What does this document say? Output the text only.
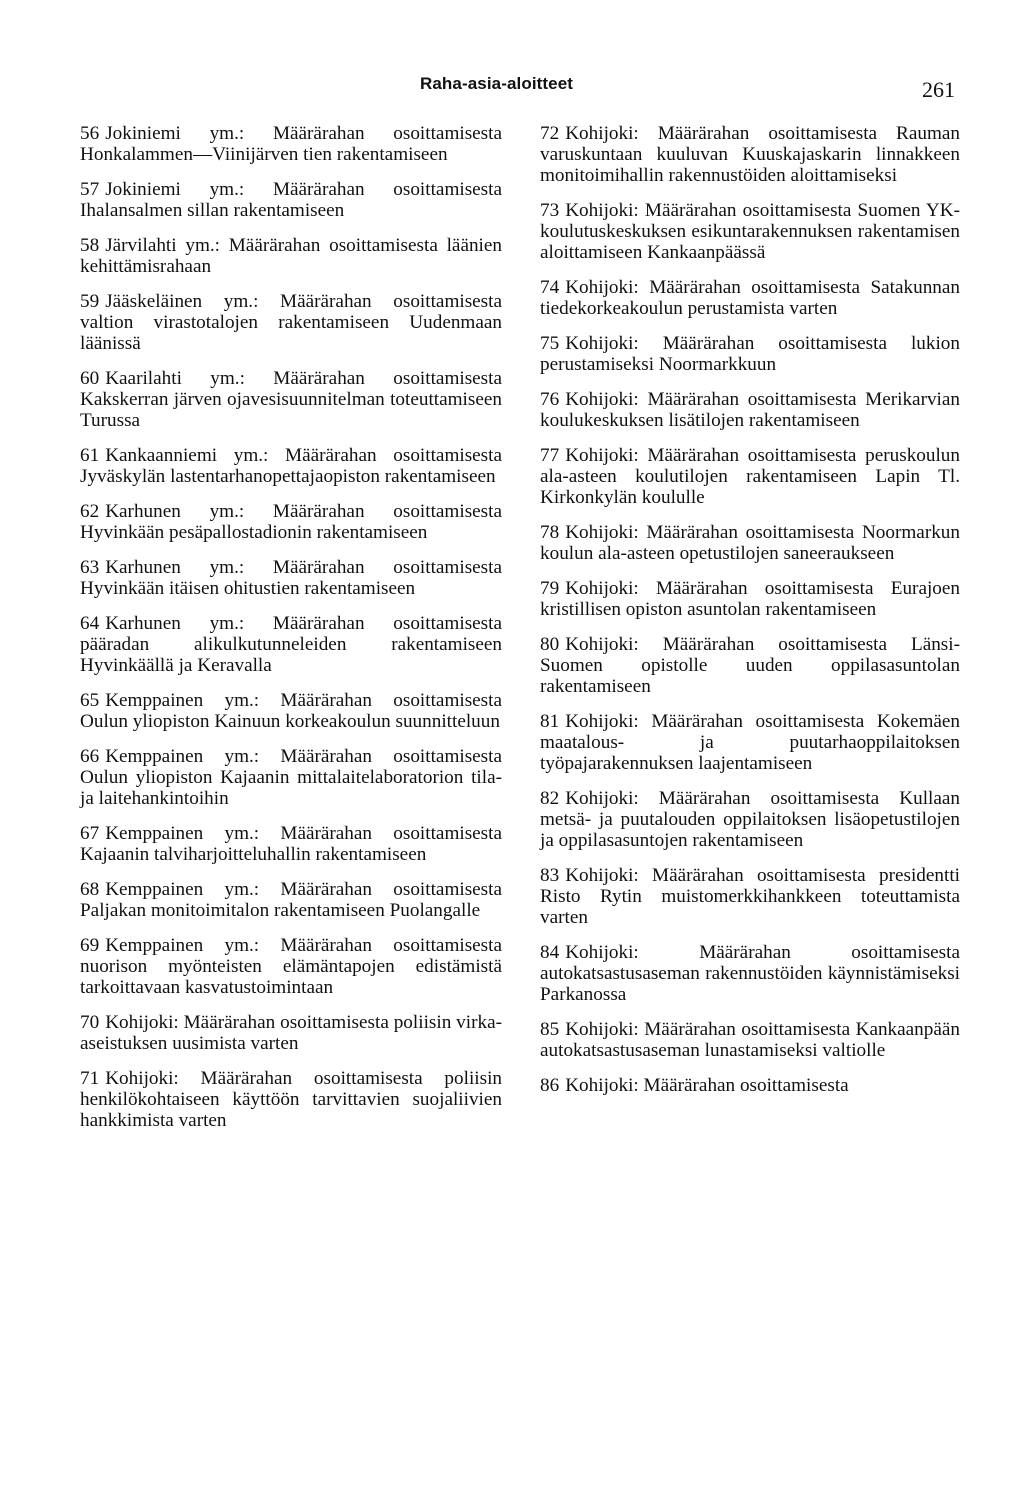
Raha-asia-aloitteet	261

56 Jokiniemi ym.: Määrärahan osoittamisesta Honkalammen—Viinijärven tien rakentamiseen

57 Jokiniemi ym.: Määrärahan osoittamisesta Ihalansalmen sillan rakentamiseen

58 Järvilahti ym.: Määrärahan osoittamisesta läänien kehittämisrahaan

59 Jääskeläinen ym.: Määrärahan osoittamisesta valtion virastotalojen rakentamiseen Uudenmaan läänissä

60 Kaarilahti ym.: Määrärahan osoittamisesta Kakskerran järven ojavesisuunnitelman toteuttamiseen Turussa

61 Kankaanniemi ym.: Määrärahan osoittamisesta Jyväskylän lastentarhanopettajaopiston rakentamiseen

62 Karhunen ym.: Määrärahan osoittamisesta Hyvinkään pesäpallostadionin rakentamiseen

63 Karhunen ym.: Määrärahan osoittamisesta Hyvinkään itäisen ohitustien rakentamiseen

64 Karhunen ym.: Määrärahan osoittamisesta pääradan alikulkutunneleiden rakentamiseen Hyvinkäällä ja Keravalla

65 Kemppainen ym.: Määrärahan osoittamisesta Oulun yliopiston Kainuun korkeakoulun suunnitteluun

66 Kemppainen ym.: Määrärahan osoittamisesta Oulun yliopiston Kajaanin mittalaitelaboratorion tila- ja laitehankintoihin

67 Kemppainen ym.: Määrärahan osoittamisesta Kajaanin talviharjoitteluhallin rakentamiseen

68 Kemppainen ym.: Määrärahan osoittamisesta Paljakan monitoimitalon rakentamiseen Puolangalle

69 Kemppainen ym.: Määrärahan osoittamisesta nuorison myönteisten elämäntapojen edistämistä tarkoittavaan kasvatustoimintaan

70 Kohijoki: Määrärahan osoittamisesta poliisin virka-aseistuksen uusimista varten

71 Kohijoki: Määrärahan osoittamisesta poliisin henkilökohtaiseen käyttöön tarvittavien suojaliivien hankkimista varten

72 Kohijoki: Määrärahan osoittamisesta Rauman varuskuntaan kuuluvan Kuuskajaskarin linnakkeen monitoimihallin rakennustöiden aloittamiseksi

73 Kohijoki: Määrärahan osoittamisesta Suomen YK-koulutuskeskuksen esikuntarakennuksen rakentamisen aloittamiseen Kankaanpäässä

74 Kohijoki: Määrärahan osoittamisesta Satakunnan tiedekorkeakoulun perustamista varten

75 Kohijoki: Määrärahan osoittamisesta lukion perustamiseksi Noormarkkuun

76 Kohijoki: Määrärahan osoittamisesta Merikarvian koulukeskuksen lisätilojen rakentamiseen

77 Kohijoki: Määrärahan osoittamisesta peruskoulun ala-asteen koulutilojen rakentamiseen Lapin Tl. Kirkonkylän koululle

78 Kohijoki: Määrärahan osoittamisesta Noormarkun koulun ala-asteen opetustilojen saneeraukseen

79 Kohijoki: Määrärahan osoittamisesta Eurajoen kristillisen opiston asuntolan rakentamiseen

80 Kohijoki: Määrärahan osoittamisesta Länsi-Suomen opistolle uuden oppilasasuntolan rakentamiseen

81 Kohijoki: Määrärahan osoittamisesta Kokemäen maatalous- ja puutarhaoppilaitoksen työpajarakennuksen laajentamiseen

82 Kohijoki: Määrärahan osoittamisesta Kullaan metsä- ja puutalouden oppilaitoksen lisäopetustilojen ja oppilasasuntojen rakentamiseen

83 Kohijoki: Määrärahan osoittamisesta presidentti Risto Rytin muistomerkkihankkeen toteuttamista varten

84 Kohijoki: Määrärahan osoittamisesta autokatsastusaseman rakennustöiden käynnistämiseksi Parkanossa

85 Kohijoki: Määrärahan osoittamisesta Kankaanpään autokatsastusaseman lunastamiseksi valtiolle

86 Kohijoki: Määrärahan osoittamisesta
